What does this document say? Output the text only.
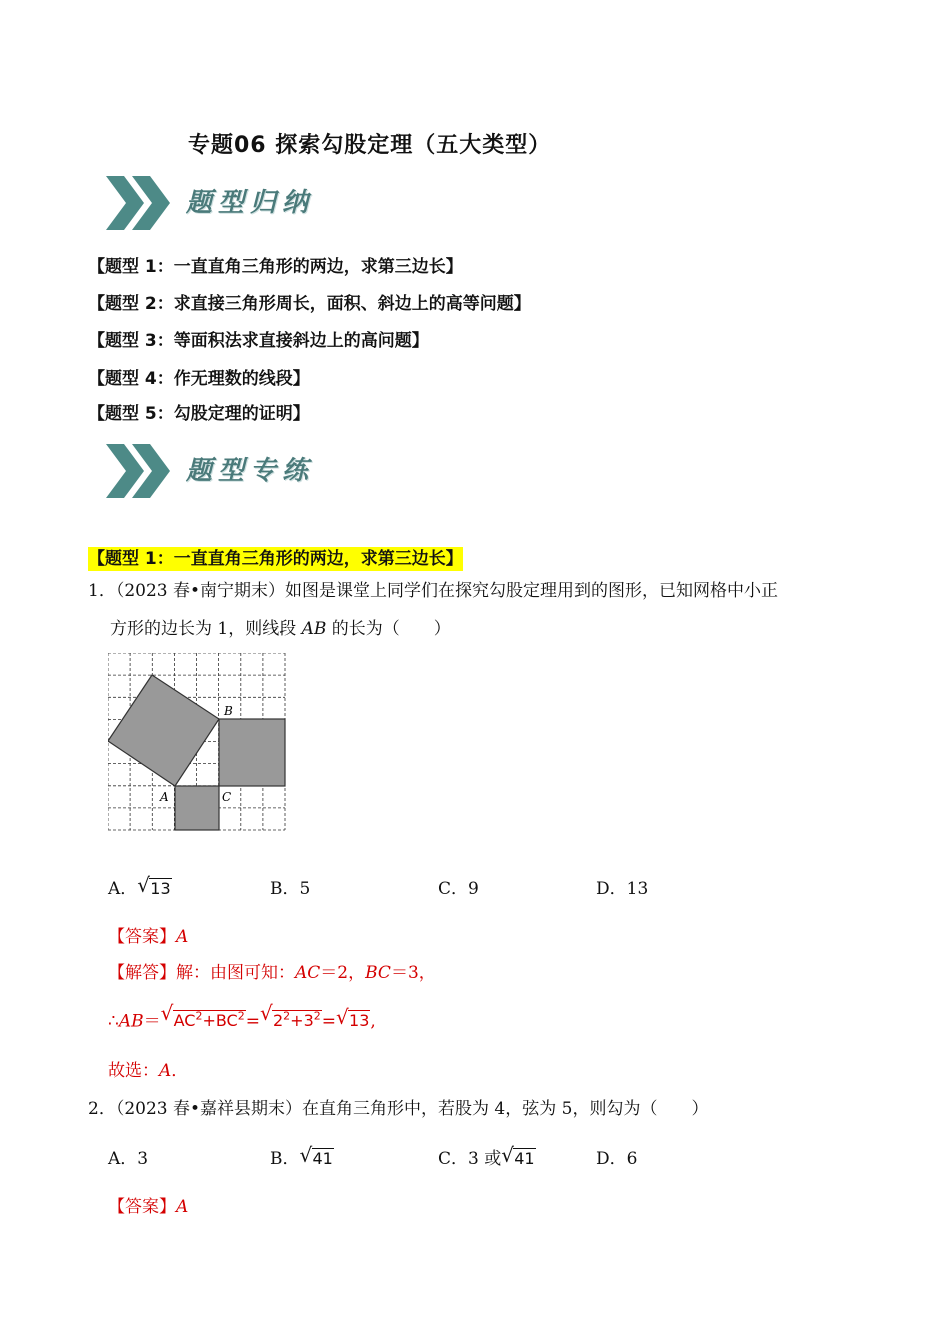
专题06 探索勾股定理（五大类型）
题型归纳
【题型 1：一直直角三角形的两边，求第三边长】
【题型 2：求直接三角形周长，面积、斜边上的高等问题】
【题型 3：等面积法求直接斜边上的高问题】
【题型 4：作无理数的线段】
【题型 5：勾股定理的证明】
题型专练
【题型 1：一直直角三角形的两边，求第三边长】
1．（2023 春•南宁期末）如图是课堂上同学们在探究勾股定理用到的图形，已知网格中小正
方形的边长为 1，则线段 AB 的长为（　　）
B
A	C
A．√ 13	B．5	C．9	D．13
【答案】A
【解答】解：由图可知：AC＝2，BC＝3，
∴AB＝√ $AC^2+BC^2=√$ $2^2+3^2=√$ 13,
故选：A．
2．（2023 春•嘉祥县期末）在直角三角形中，若股为 4，弦为 5，则勾为（　　）
A．3	B．√ 41	C．3 或√ 41	D．6
【答案】A
